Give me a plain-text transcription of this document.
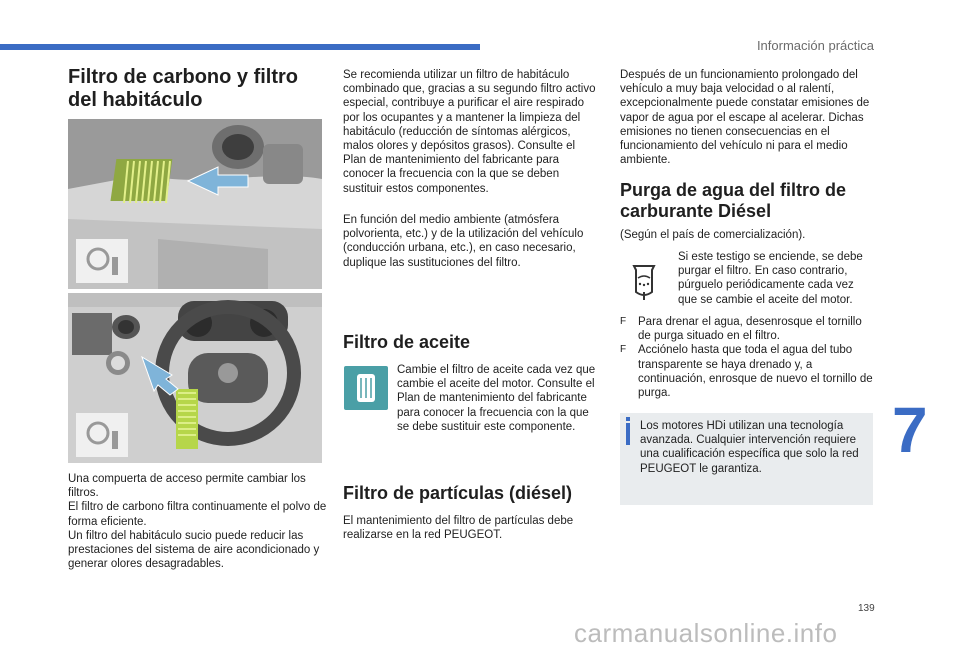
Información práctica
Filtro de carbono y filtro del habitáculo
Una compuerta de acceso permite cambiar los filtros.
El filtro de carbono filtra continuamente el polvo de forma eficiente.
Un filtro del habitáculo sucio puede reducir las prestaciones del sistema de aire acondicionado y generar olores desagradables.
Se recomienda utilizar un filtro de habitáculo combinado que, gracias a su segundo filtro activo especial, contribuye a purificar el aire respirado por los ocupantes y a mantener la limpieza del habitáculo (reducción de síntomas alérgicos, malos olores y depósitos grasos). Consulte el Plan de mantenimiento del fabricante para conocer la frecuencia con la que se deben sustituir estos componentes.
En función del medio ambiente (atmósfera polvorienta, etc.) y de la utilización del vehículo (conducción urbana, etc.), en caso necesario, duplique las sustituciones del filtro.
Filtro de aceite
Cambie el filtro de aceite cada vez que cambie el aceite del motor. Consulte el Plan de mantenimiento del fabricante para conocer la frecuencia con la que se debe sustituir este componente.
Filtro de partículas (diésel)
El mantenimiento del filtro de partículas debe realizarse en la red PEUGEOT.
Después de un funcionamiento prolongado del vehículo a muy baja velocidad o al ralentí, excepcionalmente puede constatar emisiones de vapor de agua por el escape al acelerar. Dichas emisiones no tienen consecuencias en el funcionamiento del vehículo ni para el medio ambiente.
Purga de agua del filtro de carburante Diésel
(Según el país de comercialización).
Si este testigo se enciende, se debe purgar el filtro. En caso contrario, púrguelo periódicamente cada vez que se cambie el aceite del motor.
F Para drenar el agua, desenrosque el tornillo de purga situado en el filtro.
F Acciónelo hasta que toda el agua del tubo transparente se haya drenado y, a continuación, enrosque de nuevo el tornillo de purga.
Los motores HDi utilizan una tecnología avanzada. Cualquier intervención requiere una cualificación específica que solo la red PEUGEOT le garantiza.
7
139
carmanualsonline.info
